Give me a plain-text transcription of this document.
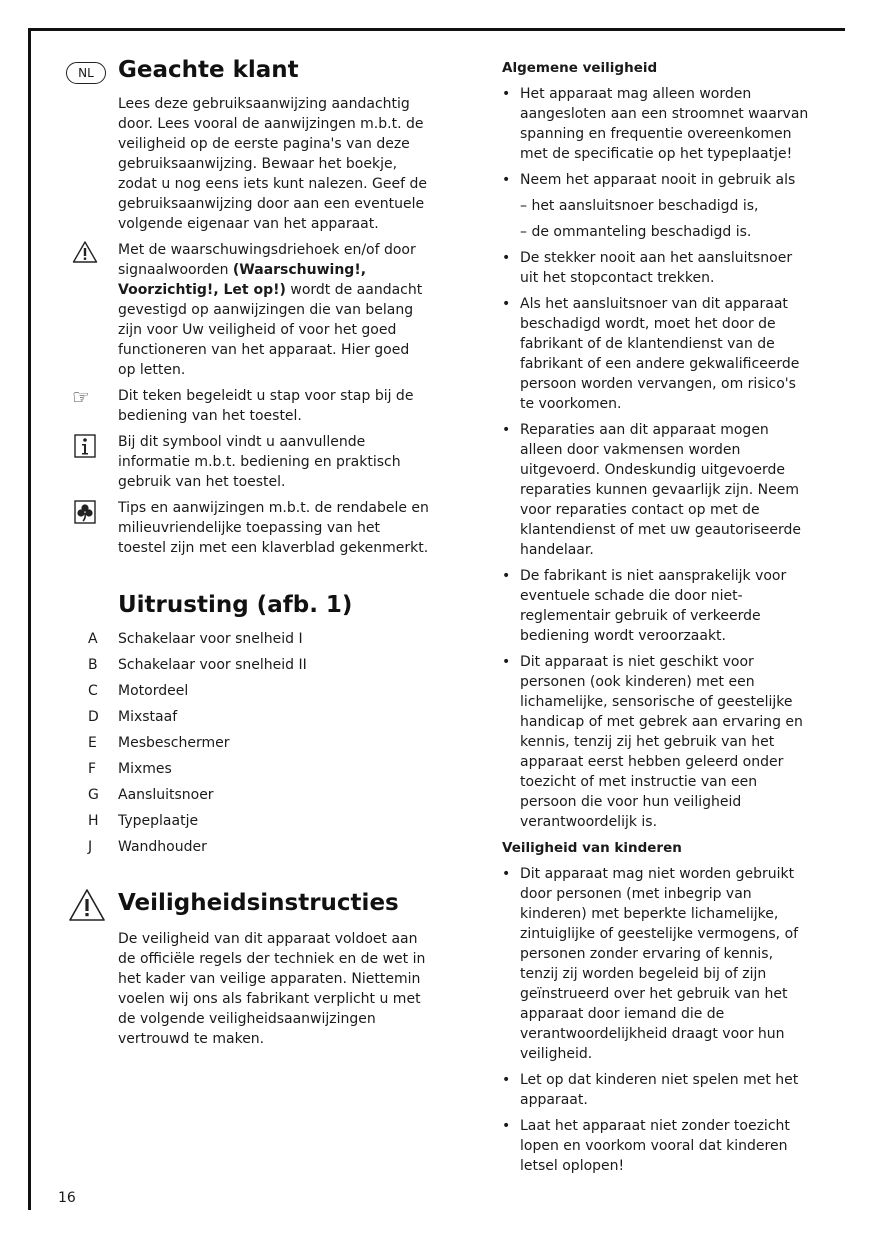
NL	Geachte klant
Lees deze gebruiksaanwijzing aandachtig door. Lees vooral de aanwijzingen m.b.t. de veiligheid op de eerste pagina's van deze gebruiksaanwijzing. Bewaar het boekje, zodat u nog eens iets kunt nalezen. Geef de gebruiksaanwijzing door aan een eventuele volgende eigenaar van het apparaat.
Met de waarschuwingsdriehoek en/of door signaalwoorden (Waarschuwing!, Voorzichtig!, Let op!) wordt de aandacht gevestigd op aanwijzingen die van belang zijn voor Uw veiligheid of voor het goed functioneren van het apparaat. Hier goed op letten.
☞	Dit teken begeleidt u stap voor stap bij de bediening van het toestel.
Bij dit symbool vindt u aanvullende informatie m.b.t. bediening en praktisch gebruik van het toestel.
Tips en aanwijzingen m.b.t. de rendabele en milieuvriendelijke toepassing van het toestel zijn met een klaverblad gekenmerkt.
Uitrusting (afb. 1)
A Schakelaar voor snelheid I
B Schakelaar voor snelheid II
C Motordeel
D Mixstaaf
E Mesbeschermer
F Mixmes
G Aansluitsnoer
H Typeplaatje
J Wandhouder
Veiligheidsinstructies
De veiligheid van dit apparaat voldoet aan de officiële regels der techniek en de wet in het kader van veilige apparaten. Niettemin voelen wij ons als fabrikant verplicht u met de volgende veiligheidsaanwijzingen vertrouwd te maken.
Algemene veiligheid
• Het apparaat mag alleen worden aangesloten aan een stroomnet waarvan spanning en frequentie overeenkomen met de specificatie op het typeplaatje!
• Neem het apparaat nooit in gebruik als
– het aansluitsnoer beschadigd is,
– de ommanteling beschadigd is.
• De stekker nooit aan het aansluitsnoer uit het stopcontact trekken.
• Als het aansluitsnoer van dit apparaat beschadigd wordt, moet het door de fabrikant of de klantendienst van de fabrikant of een andere gekwalificeerde persoon worden vervangen, om risico's te voorkomen.
• Reparaties aan dit apparaat mogen alleen door vakmensen worden uitgevoerd. Ondeskundig uitgevoerde reparaties kunnen gevaarlijk zijn. Neem voor reparaties contact op met de klantendienst of met uw geautoriseerde handelaar.
• De fabrikant is niet aansprakelijk voor eventuele schade die door niet-reglementair gebruik of verkeerde bediening wordt veroorzaakt.
• Dit apparaat is niet geschikt voor personen (ook kinderen) met een lichamelijke, sensorische of geestelijke handicap of met gebrek aan ervaring en kennis, tenzij zij het gebruik van het apparaat eerst hebben geleerd onder toezicht of met instructie van een persoon die voor hun veiligheid verantwoordelijk is.
Veiligheid van kinderen
• Dit apparaat mag niet worden gebruikt door personen (met inbegrip van kinderen) met beperkte lichamelijke, zintuiglijke of geestelijke vermogens, of personen zonder ervaring of kennis, tenzij zij worden begeleid bij of zijn geïnstrueerd over het gebruik van het apparaat door iemand die de verantwoordelijkheid draagt voor hun veiligheid.
• Let op dat kinderen niet spelen met het apparaat.
• Laat het apparaat niet zonder toezicht lopen en voorkom vooral dat kinderen letsel oplopen!
16
